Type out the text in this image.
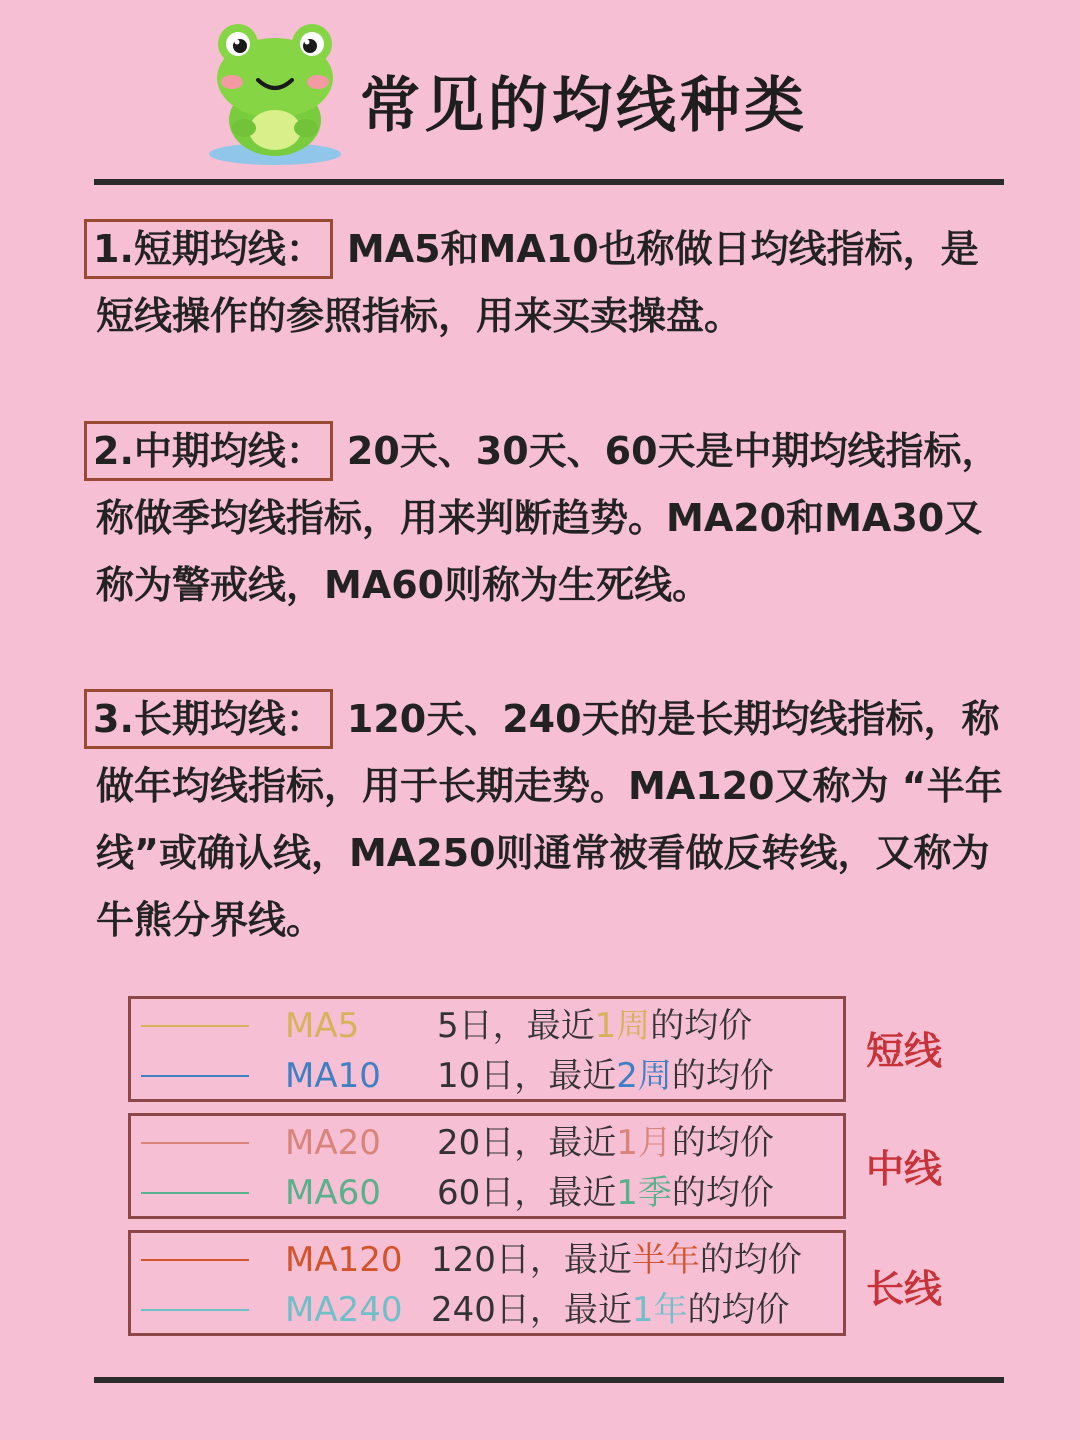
常见的均线种类
1.短期均线： MA5和MA10也称做日均线指标，是短线操作的参照指标，用来买卖操盘。
2.中期均线： 20天、30天、60天是中期均线指标，称做季均线指标，用来判断趋势。MA20和MA30又称为警戒线，MA60则称为生死线。
3.长期均线： 120天、240天的是长期均线指标，称做年均线指标，用于长期走势。MA120又称为 “半年线”或确认线，MA250则通常被看做反转线，又称为牛熊分界线。
MA5 5日，最近1周的均价
MA10 10日，最近2周的均价
短线
MA20 20日，最近1月的均价
MA60 60日，最近1季的均价
中线
MA120 120日，最近半年的均价
MA240 240日，最近1年的均价 长线
